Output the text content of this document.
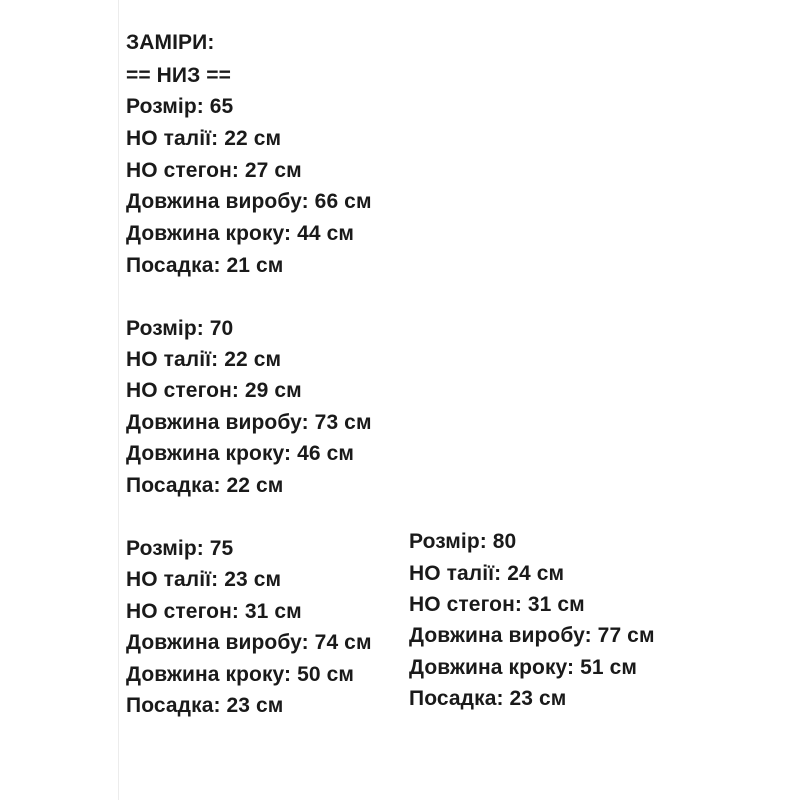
ЗАМІРИ:
== НИЗ ==
Розмір: 65
НО талії: 22 см
НО стегон: 27 см
Довжина виробу: 66 см
Довжина кроку: 44 см
Посадка: 21 см
Розмір: 70
НО талії: 22 см
НО стегон: 29 см
Довжина виробу: 73 см
Довжина кроку: 46 см
Посадка: 22 см
Розмір: 75
НО талії: 23 см
НО стегон: 31 см
Довжина виробу: 74 см
Довжина кроку: 50 см
Посадка: 23 см
Розмір: 80
НО талії: 24 см
НО стегон: 31 см
Довжина виробу: 77 см
Довжина кроку: 51 см
Посадка: 23 см
